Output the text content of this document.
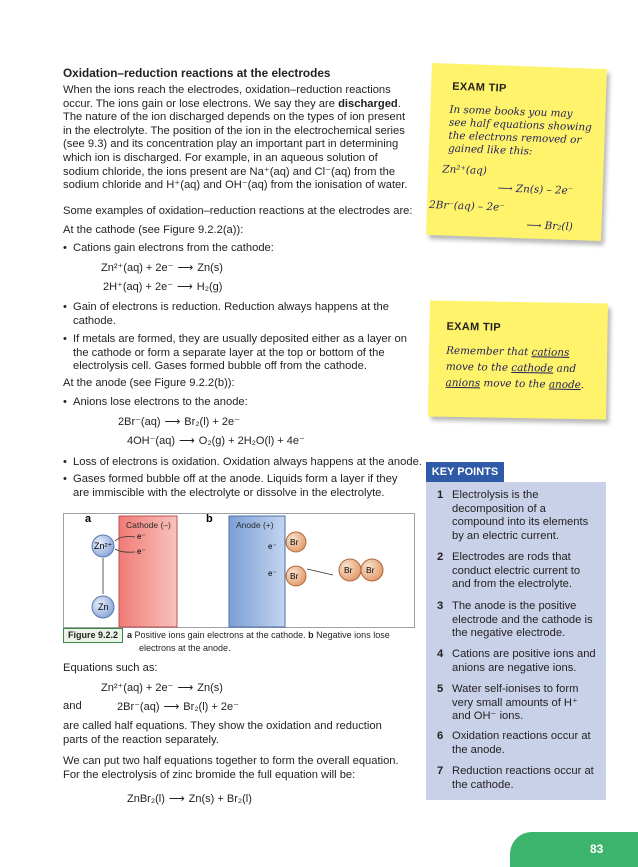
Oxidation–reduction reactions at the electrodes
When the ions reach the electrodes, oxidation–reduction reactions
occur. The ions gain or lose electrons. We say they are discharged.
The nature of the ion discharged depends on the types of ion present
in the electrolyte. The position of the ion in the electrochemical series
(see 9.3) and its concentration play an important part in determining
which ion is discharged. For example, in an aqueous solution of
sodium chloride, the ions present are Na⁺(aq) and Cl⁻(aq) from the
sodium chloride and H⁺(aq) and OH⁻(aq) from the ionisation of water.
Some examples of oxidation–reduction reactions at the electrodes are:
At the cathode (see Figure 9.2.2(a)):
• Cations gain electrons from the cathode:
Zn²⁺(aq) + 2e⁻ ⟶ Zn(s)
2H⁺(aq) + 2e⁻ ⟶ H₂(g)
• Gain of electrons is reduction. Reduction always happens at the
cathode.
• If metals are formed, they are usually deposited either as a layer on
the cathode or form a separate layer at the top or bottom of the
electrolysis cell. Gases formed bubble off from the cathode.
At the anode (see Figure 9.2.2(b)):
• Anions lose electrons to the anode:
2Br⁻(aq) ⟶ Br₂(l) + 2e⁻
4OH⁻(aq) ⟶ O₂(g) + 2H₂O(l) + 4e⁻
• Loss of electrons is oxidation. Oxidation always happens at the anode.
• Gases formed bubble off at the anode. Liquids form a layer if they
are immiscible with the electrolyte or dissolve in the electrolyte.
a	b
Cathode (–)	Anode (+)
Zn²⁺
e⁻
e⁻
Zn
Br
e⁻
Br
e⁻	Br Br
Figure 9.2.2 a Positive ions gain electrons at the cathode. b Negative ions lose
electrons at the anode.
Equations such as:
Zn²⁺(aq) + 2e⁻ ⟶ Zn(s)
and	2Br⁻(aq) ⟶ Br₂(l) + 2e⁻
are called half equations. They show the oxidation and reduction
parts of the reaction separately.
We can put two half equations together to form the overall equation.
For the electrolysis of zinc bromide the full equation will be:
ZnBr₂(l) ⟶ Zn(s) + Br₂(l)
EXAM TIP
In some books you may
see half equations showing
the electrons removed or
gained like this:
Zn²⁺(aq)
⟶ Zn(s) – 2e⁻
2Br⁻(aq) – 2e⁻
⟶ Br₂(l)
EXAM TIP
Remember that cations
move to the cathode and
anions move to the anode.
KEY POINTS
1 Electrolysis is the
decomposition of a
compound into its elements
by an electric current.
2 Electrodes are rods that
conduct electric current to
and from the electrolyte.
3 The anode is the positive
electrode and the cathode is
the negative electrode.
4 Cations are positive ions and
anions are negative ions.
5 Water self-ionises to form
very small amounts of H⁺
and OH⁻ ions.
6 Oxidation reactions occur at
the anode.
7 Reduction reactions occur at
the cathode.
83
